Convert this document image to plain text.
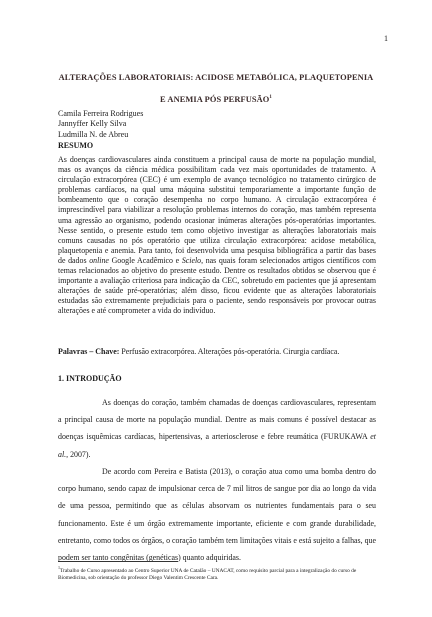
1
ALTERAÇÕES LABORATORIAIS: ACIDOSE METABÓLICA, PLAQUETOPENIA
E ANEMIA PÓS PERFUSÃO$^1$
Camila Ferreira Rodrigues
Jannyffer Kelly Silva
Ludmilla N. de Abreu
RESUMO
As doenças cardiovasculares ainda constituem a principal causa de morte na população mundial, mas os avanços da ciência médica possibilitam cada vez mais oportunidades de tratamento. A circulação extracorpórea (CEC) é um exemplo de avanço tecnológico no tratamento cirúrgico de problemas cardíacos, na qual uma máquina substitui temporariamente a importante função de bombeamento que o coração desempenha no corpo humano. A circulação extracorpórea é imprescindível para viabilizar a resolução problemas internos do coração, mas também representa uma agressão ao organismo, podendo ocasionar inúmeras alterações pós-operatórias importantes. Nesse sentido, o presente estudo tem como objetivo investigar as alterações laboratoriais mais comuns causadas no pós operatório que utiliza circulação extracorpórea: acidose metabólica, plaquetopenia e anemia. Para tanto, foi desenvolvida uma pesquisa bibliográfica a partir das bases de dados online Google Acadêmico e Scielo, nas quais foram selecionados artigos científicos com temas relacionados ao objetivo do presente estudo. Dentre os resultados obtidos se observou que é importante a avaliação criteriosa para indicação da CEC, sobretudo em pacientes que já apresentam alterações de saúde pré-operatórias; além disso, ficou evidente que as alterações laboratoriais estudadas são extremamente prejudiciais para o paciente, sendo responsáveis por provocar outras alterações e até comprometer a vida do indivíduo.
Palavras – Chave: Perfusão extracorpórea. Alterações pós-operatória. Cirurgia cardíaca.
1. INTRODUÇÃO
As doenças do coração, também chamadas de doenças cardiovasculares, representam a principal causa de morte na população mundial. Dentre as mais comuns é possível destacar as doenças isquêmicas cardíacas, hipertensivas, a arteriosclerose e febre reumática (FURUKAWA et al., 2007).
De acordo com Pereira e Batista (2013), o coração atua como uma bomba dentro do corpo humano, sendo capaz de impulsionar cerca de 7 mil litros de sangue por dia ao longo da vida de uma pessoa, permitindo que as células absorvam os nutrientes fundamentais para o seu funcionamento. Este é um órgão extremamente importante, eficiente e com grande durabilidade, entretanto, como todos os órgãos, o coração também tem limitações vitais e está sujeito a falhas, que podem ser tanto congênitas (genéticas) quanto adquiridas.
$^1$Trabalho de Curso apresentado ao Centro Superior UNA de Catalão – UNACAT, como requisito parcial para a integralização do curso de Biomedicina, sob orientação do professor Diego Valentim Crescente Cara.
